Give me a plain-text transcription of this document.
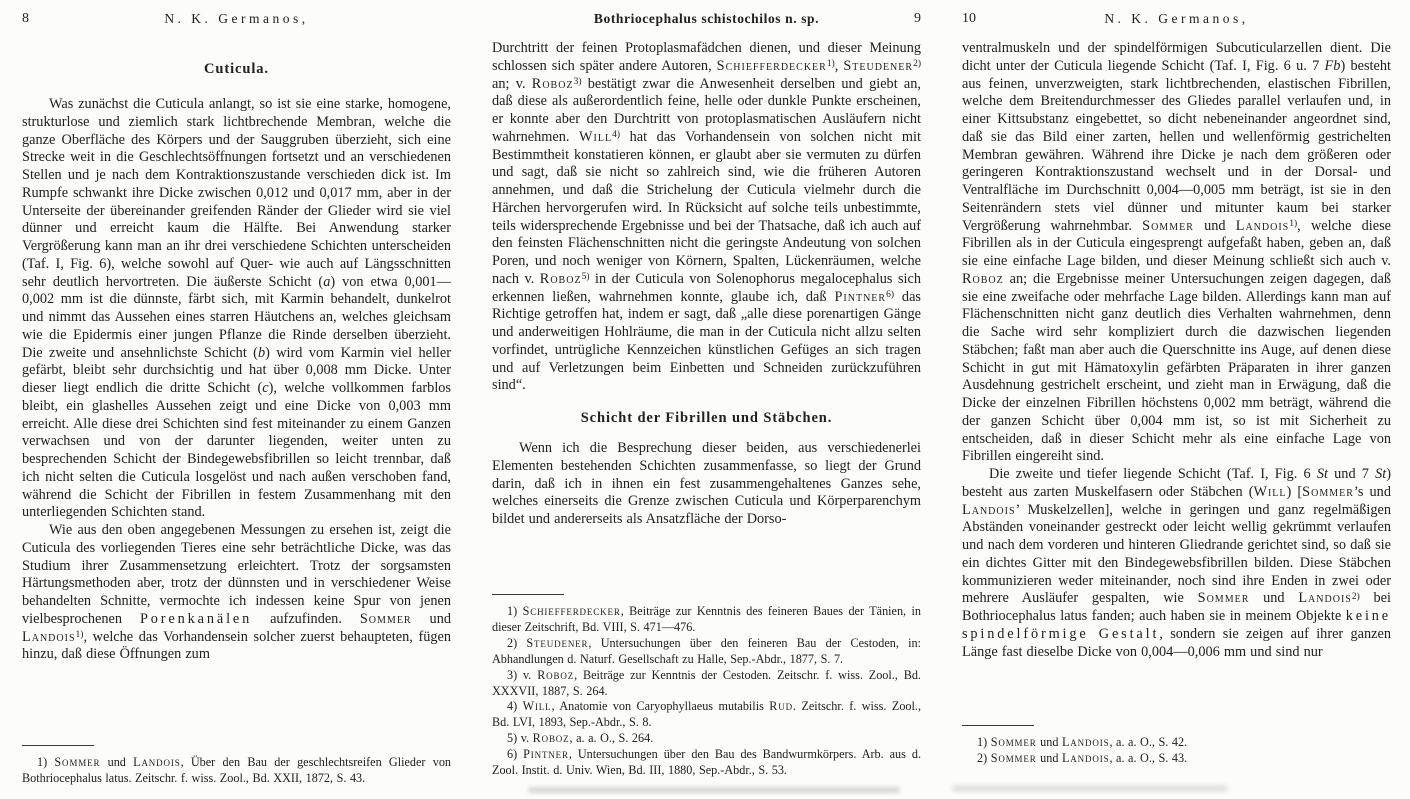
8	N. K. Germanos,
Cuticula.

Was zunächst die Cuticula anlangt, so ist sie eine starke, homogene, strukturlose und ziemlich stark lichtbrechende Membran, welche die ganze Oberfläche des Körpers und der Sauggruben überzieht, sich eine Strecke weit in die Geschlechtsöffnungen fortsetzt und an verschiedenen Stellen und je nach dem Kontraktionszustande verschieden dick ist. Im Rumpfe schwankt ihre Dicke zwischen 0,012 und 0,017 mm, aber in der Unterseite der übereinander greifenden Ränder der Glieder wird sie viel dünner und erreicht kaum die Hälfte. Bei Anwendung starker Vergrößerung kann man an ihr drei verschiedene Schichten unterscheiden (Taf. I, Fig. 6), welche sowohl auf Quer- wie auch auf Längsschnitten sehr deutlich hervortreten. Die äußerste Schicht (a) von etwa 0,001—0,002 mm ist die dünnste, färbt sich, mit Karmin behandelt, dunkelrot und nimmt das Aussehen eines starren Häutchens an, welches gleichsam wie die Epidermis einer jungen Pflanze die Rinde derselben überzieht. Die zweite und ansehnlichste Schicht (b) wird vom Karmin viel heller gefärbt, bleibt sehr durchsichtig und hat über 0,008 mm Dicke. Unter dieser liegt endlich die dritte Schicht (c), welche vollkommen farblos bleibt, ein glashelles Aussehen zeigt und eine Dicke von 0,003 mm erreicht. Alle diese drei Schichten sind fest miteinander zu einem Ganzen verwachsen und von der darunter liegenden, weiter unten zu besprechenden Schicht der Bindegewebsfibrillen so leicht trennbar, daß ich nicht selten die Cuticula losgelöst und nach außen verschoben fand, während die Schicht der Fibrillen in festem Zusammenhang mit den unterliegenden Schichten stand.

Wie aus den oben angegebenen Messungen zu ersehen ist, zeigt die Cuticula des vorliegenden Tieres eine sehr beträchtliche Dicke, was das Studium ihrer Zusammensetzung erleichtert. Trotz der sorgsamsten Härtungsmethoden aber, trotz der dünnsten und in verschiedener Weise behandelten Schnitte, vermochte ich indessen keine Spur von jenen vielbesprochenen Porenkanälen aufzufinden. Sommer und Landois$^{1)}$, welche das Vorhandensein solcher zuerst behaupteten, fügen hinzu, daß diese Öffnungen zum

1) Sommer und Landois, Über den Bau der geschlechtsreifen Glieder von Bothriocephalus latus. Zeitschr. f. wiss. Zool., Bd. XXII, 1872, S. 43.

Bothriocephalus schistochilos n. sp.	9

Durchtritt der feinen Protoplasmafädchen dienen, und dieser Meinung schlossen sich später andere Autoren, Schiefferdecker$^{1)}$, Steudener$^{2)}$ an; v. Roboz$^{3)}$ bestätigt zwar die Anwesenheit derselben und giebt an, daß diese als außerordentlich feine, helle oder dunkle Punkte erscheinen, er konnte aber den Durchtritt von protoplasmatischen Ausläufern nicht wahrnehmen. Will$^{4)}$ hat das Vorhandensein von solchen nicht mit Bestimmtheit konstatieren können, er glaubt aber sie vermuten zu dürfen und sagt, daß sie nicht so zahlreich sind, wie die früheren Autoren annehmen, und daß die Strichelung der Cuticula vielmehr durch die Härchen hervorgerufen wird. In Rücksicht auf solche teils unbestimmte, teils widersprechende Ergebnisse und bei der Thatsache, daß ich auch auf den feinsten Flächenschnitten nicht die geringste Andeutung von solchen Poren, und noch weniger von Körnern, Spalten, Lückenräumen, welche nach v. Roboz$^{5)}$ in der Cuticula von Solenophorus megalocephalus sich erkennen ließen, wahrnehmen konnte, glaube ich, daß Pintner$^{6)}$ das Richtige getroffen hat, indem er sagt, daß „alle diese porenartigen Gänge und anderweitigen Hohlräume, die man in der Cuticula nicht allzu selten vorfindet, untrügliche Kennzeichen künstlichen Gefüges an sich tragen und auf Verletzungen beim Einbetten und Schneiden zurückzuführen sind“.

Schicht der Fibrillen und Stäbchen.

Wenn ich die Besprechung dieser beiden, aus verschiedenerlei Elementen bestehenden Schichten zusammenfasse, so liegt der Grund darin, daß ich in ihnen ein fest zusammengehaltenes Ganzes sehe, welches einerseits die Grenze zwischen Cuticula und Körperparenchym bildet und andererseits als Ansatzfläche der Dorso-

1) Schiefferdecker, Beiträge zur Kenntnis des feineren Baues der Tänien, in dieser Zeitschrift, Bd. VIII, S. 471—476.

2) Steudener, Untersuchungen über den feineren Bau der Cestoden, in: Abhandlungen d. Naturf. Gesellschaft zu Halle, Sep.-Abdr., 1877, S. 7.

3) v. Roboz, Beiträge zur Kenntnis der Cestoden. Zeitschr. f. wiss. Zool., Bd. XXXVII, 1887, S. 264.

4) Will, Anatomie von Caryophyllaeus mutabilis Rud. Zeitschr. f. wiss. Zool., Bd. LVI, 1893, Sep.-Abdr., S. 8.

5) v. Roboz, a. a. O., S. 264.

6) Pintner, Untersuchungen über den Bau des Bandwurmkörpers. Arb. aus d. Zool. Instit. d. Univ. Wien, Bd. III, 1880, Sep.-Abdr., S. 53.

10	N. K. Germanos,

ventralmuskeln und der spindelförmigen Subcuticularzellen dient. Die dicht unter der Cuticula liegende Schicht (Taf. I, Fig. 6 u. 7 Fb) besteht aus feinen, unverzweigten, stark lichtbrechenden, elastischen Fibrillen, welche dem Breitendurchmesser des Gliedes parallel verlaufen und, in einer Kittsubstanz eingebettet, so dicht nebeneinander angeordnet sind, daß sie das Bild einer zarten, hellen und wellenförmig gestrichelten Membran gewähren. Während ihre Dicke je nach dem größeren oder geringeren Kontraktionszustand wechselt und in der Dorsal- und Ventralfläche im Durchschnitt 0,004—0,005 mm beträgt, ist sie in den Seitenrändern stets viel dünner und mitunter kaum bei starker Vergrößerung wahrnehmbar. Sommer und Landois$^{1)}$, welche diese Fibrillen als in der Cuticula eingesprengt aufgefaßt haben, geben an, daß sie eine einfache Lage bilden, und dieser Meinung schließt sich auch v. Roboz an; die Ergebnisse meiner Untersuchungen zeigen dagegen, daß sie eine zweifache oder mehrfache Lage bilden. Allerdings kann man auf Flächenschnitten nicht ganz deutlich dies Verhalten wahrnehmen, denn die Sache wird sehr kompliziert durch die dazwischen liegenden Stäbchen; faßt man aber auch die Querschnitte ins Auge, auf denen diese Schicht in gut mit Hämatoxylin gefärbten Präparaten in ihrer ganzen Ausdehnung gestrichelt erscheint, und zieht man in Erwägung, daß die Dicke der einzelnen Fibrillen höchstens 0,002 mm beträgt, während die der ganzen Schicht über 0,004 mm ist, so ist mit Sicherheit zu entscheiden, daß in dieser Schicht mehr als eine einfache Lage von Fibrillen eingereiht sind.

Die zweite und tiefer liegende Schicht (Taf. I, Fig. 6 St und 7 St) besteht aus zarten Muskelfasern oder Stäbchen (Will) [Sommer’s und Landois’ Muskelzellen], welche in geringen und ganz regelmäßigen Abständen voneinander gestreckt oder leicht wellig gekrümmt verlaufen und nach dem vorderen und hinteren Gliedrande gerichtet sind, so daß sie ein dichtes Gitter mit den Bindegewebsfibrillen bilden. Diese Stäbchen kommunizieren weder miteinander, noch sind ihre Enden in zwei oder mehrere Ausläufer gespalten, wie Sommer und Landois$^{2)}$ bei Bothriocephalus latus fanden; auch haben sie in meinem Objekte keine spindelförmige Gestalt, sondern sie zeigen auf ihrer ganzen Länge fast dieselbe Dicke von 0,004—0,006 mm und sind nur

1) Sommer und Landois, a. a. O., S. 42.

2) Sommer und Landois, a. a. O., S. 43.
